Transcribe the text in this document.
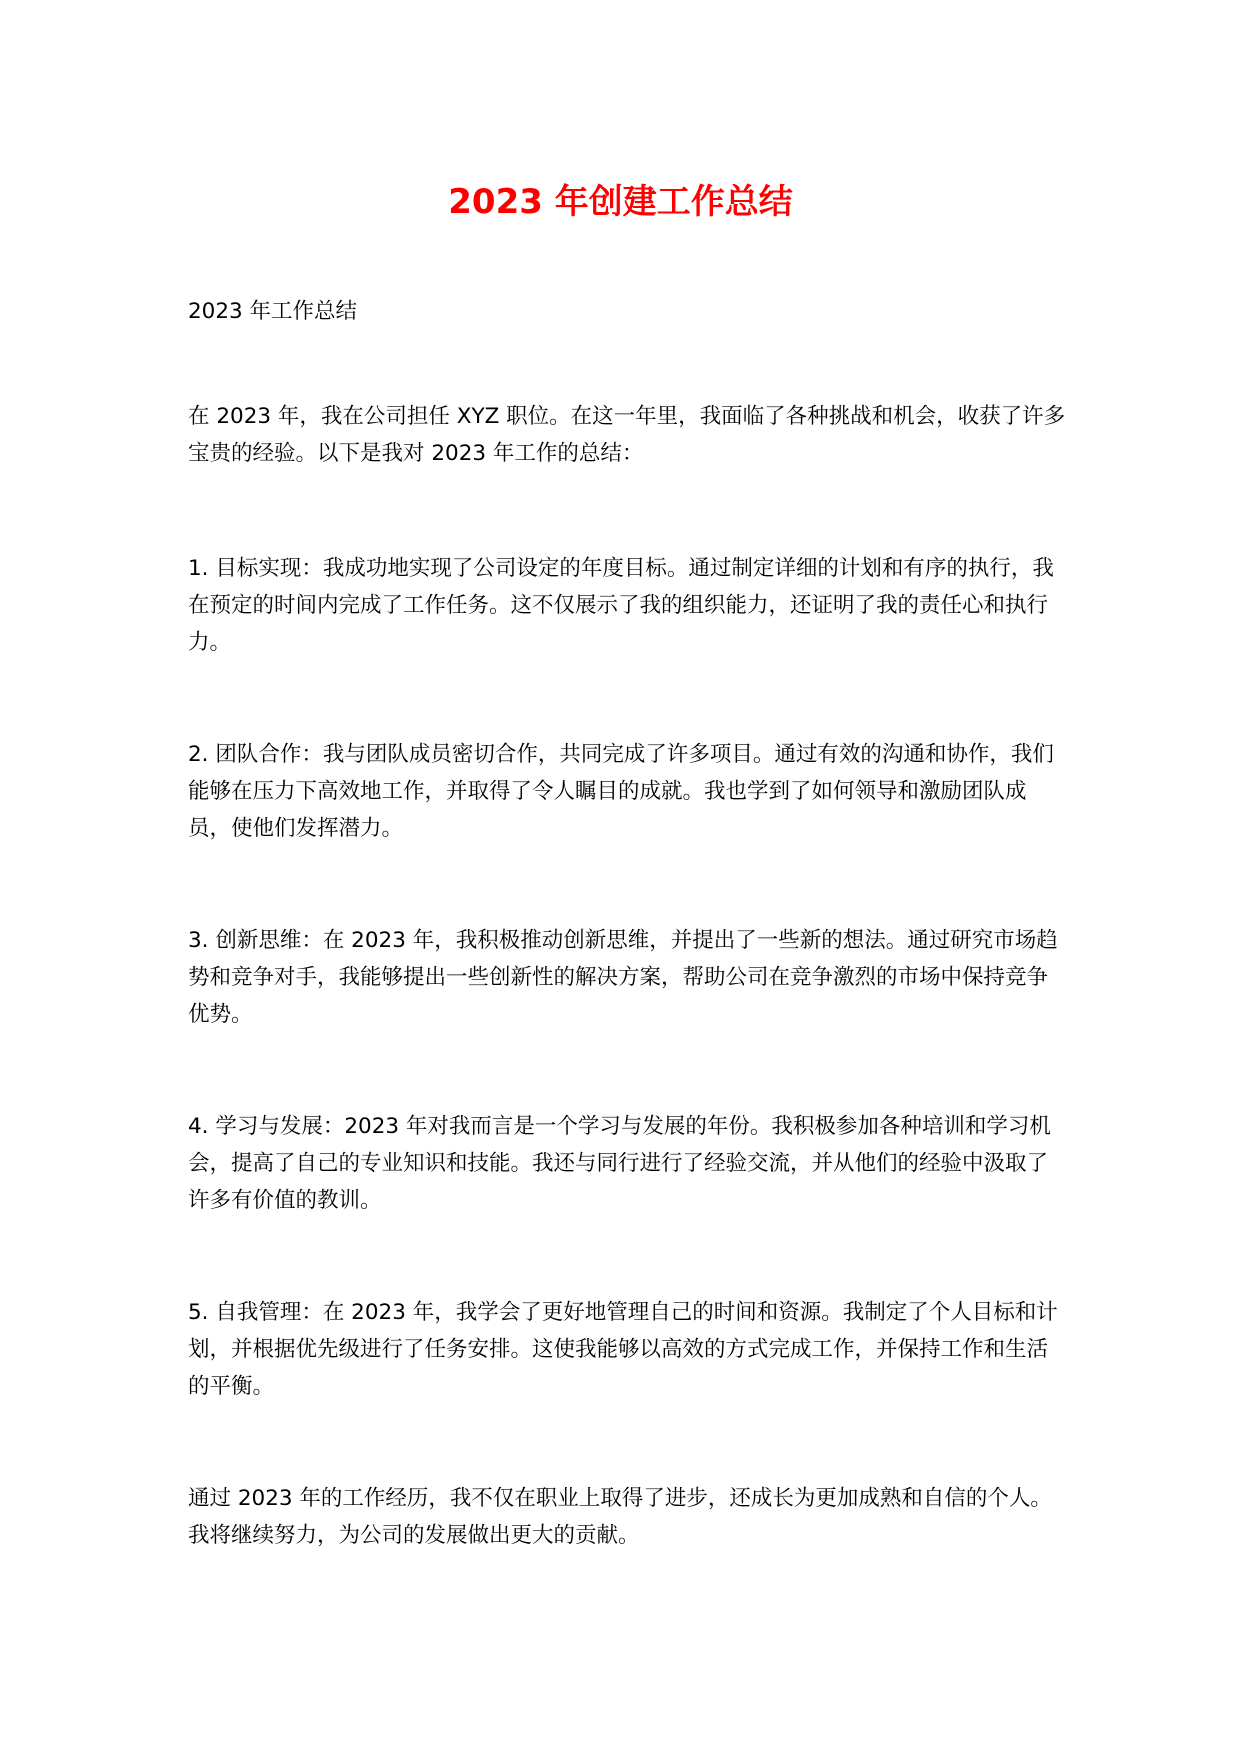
2023 年创建工作总结

2023 年工作总结

在 2023 年，我在公司担任 XYZ 职位。在这一年里，我面临了各种挑战和机会，收获了许多宝贵的经验。以下是我对 2023 年工作的总结：

1. 目标实现：我成功地实现了公司设定的年度目标。通过制定详细的计划和有序的执行，我在预定的时间内完成了工作任务。这不仅展示了我的组织能力，还证明了我的责任心和执行力。

2. 团队合作：我与团队成员密切合作，共同完成了许多项目。通过有效的沟通和协作，我们能够在压力下高效地工作，并取得了令人瞩目的成就。我也学到了如何领导和激励团队成员，使他们发挥潜力。

3. 创新思维：在 2023 年，我积极推动创新思维，并提出了一些新的想法。通过研究市场趋势和竞争对手，我能够提出一些创新性的解决方案，帮助公司在竞争激烈的市场中保持竞争优势。

4. 学习与发展：2023 年对我而言是一个学习与发展的年份。我积极参加各种培训和学习机会，提高了自己的专业知识和技能。我还与同行进行了经验交流，并从他们的经验中汲取了许多有价值的教训。

5. 自我管理：在 2023 年，我学会了更好地管理自己的时间和资源。我制定了个人目标和计划，并根据优先级进行了任务安排。这使我能够以高效的方式完成工作，并保持工作和生活的平衡。

通过 2023 年的工作经历，我不仅在职业上取得了进步，还成长为更加成熟和自信的个人。我将继续努力，为公司的发展做出更大的贡献。
